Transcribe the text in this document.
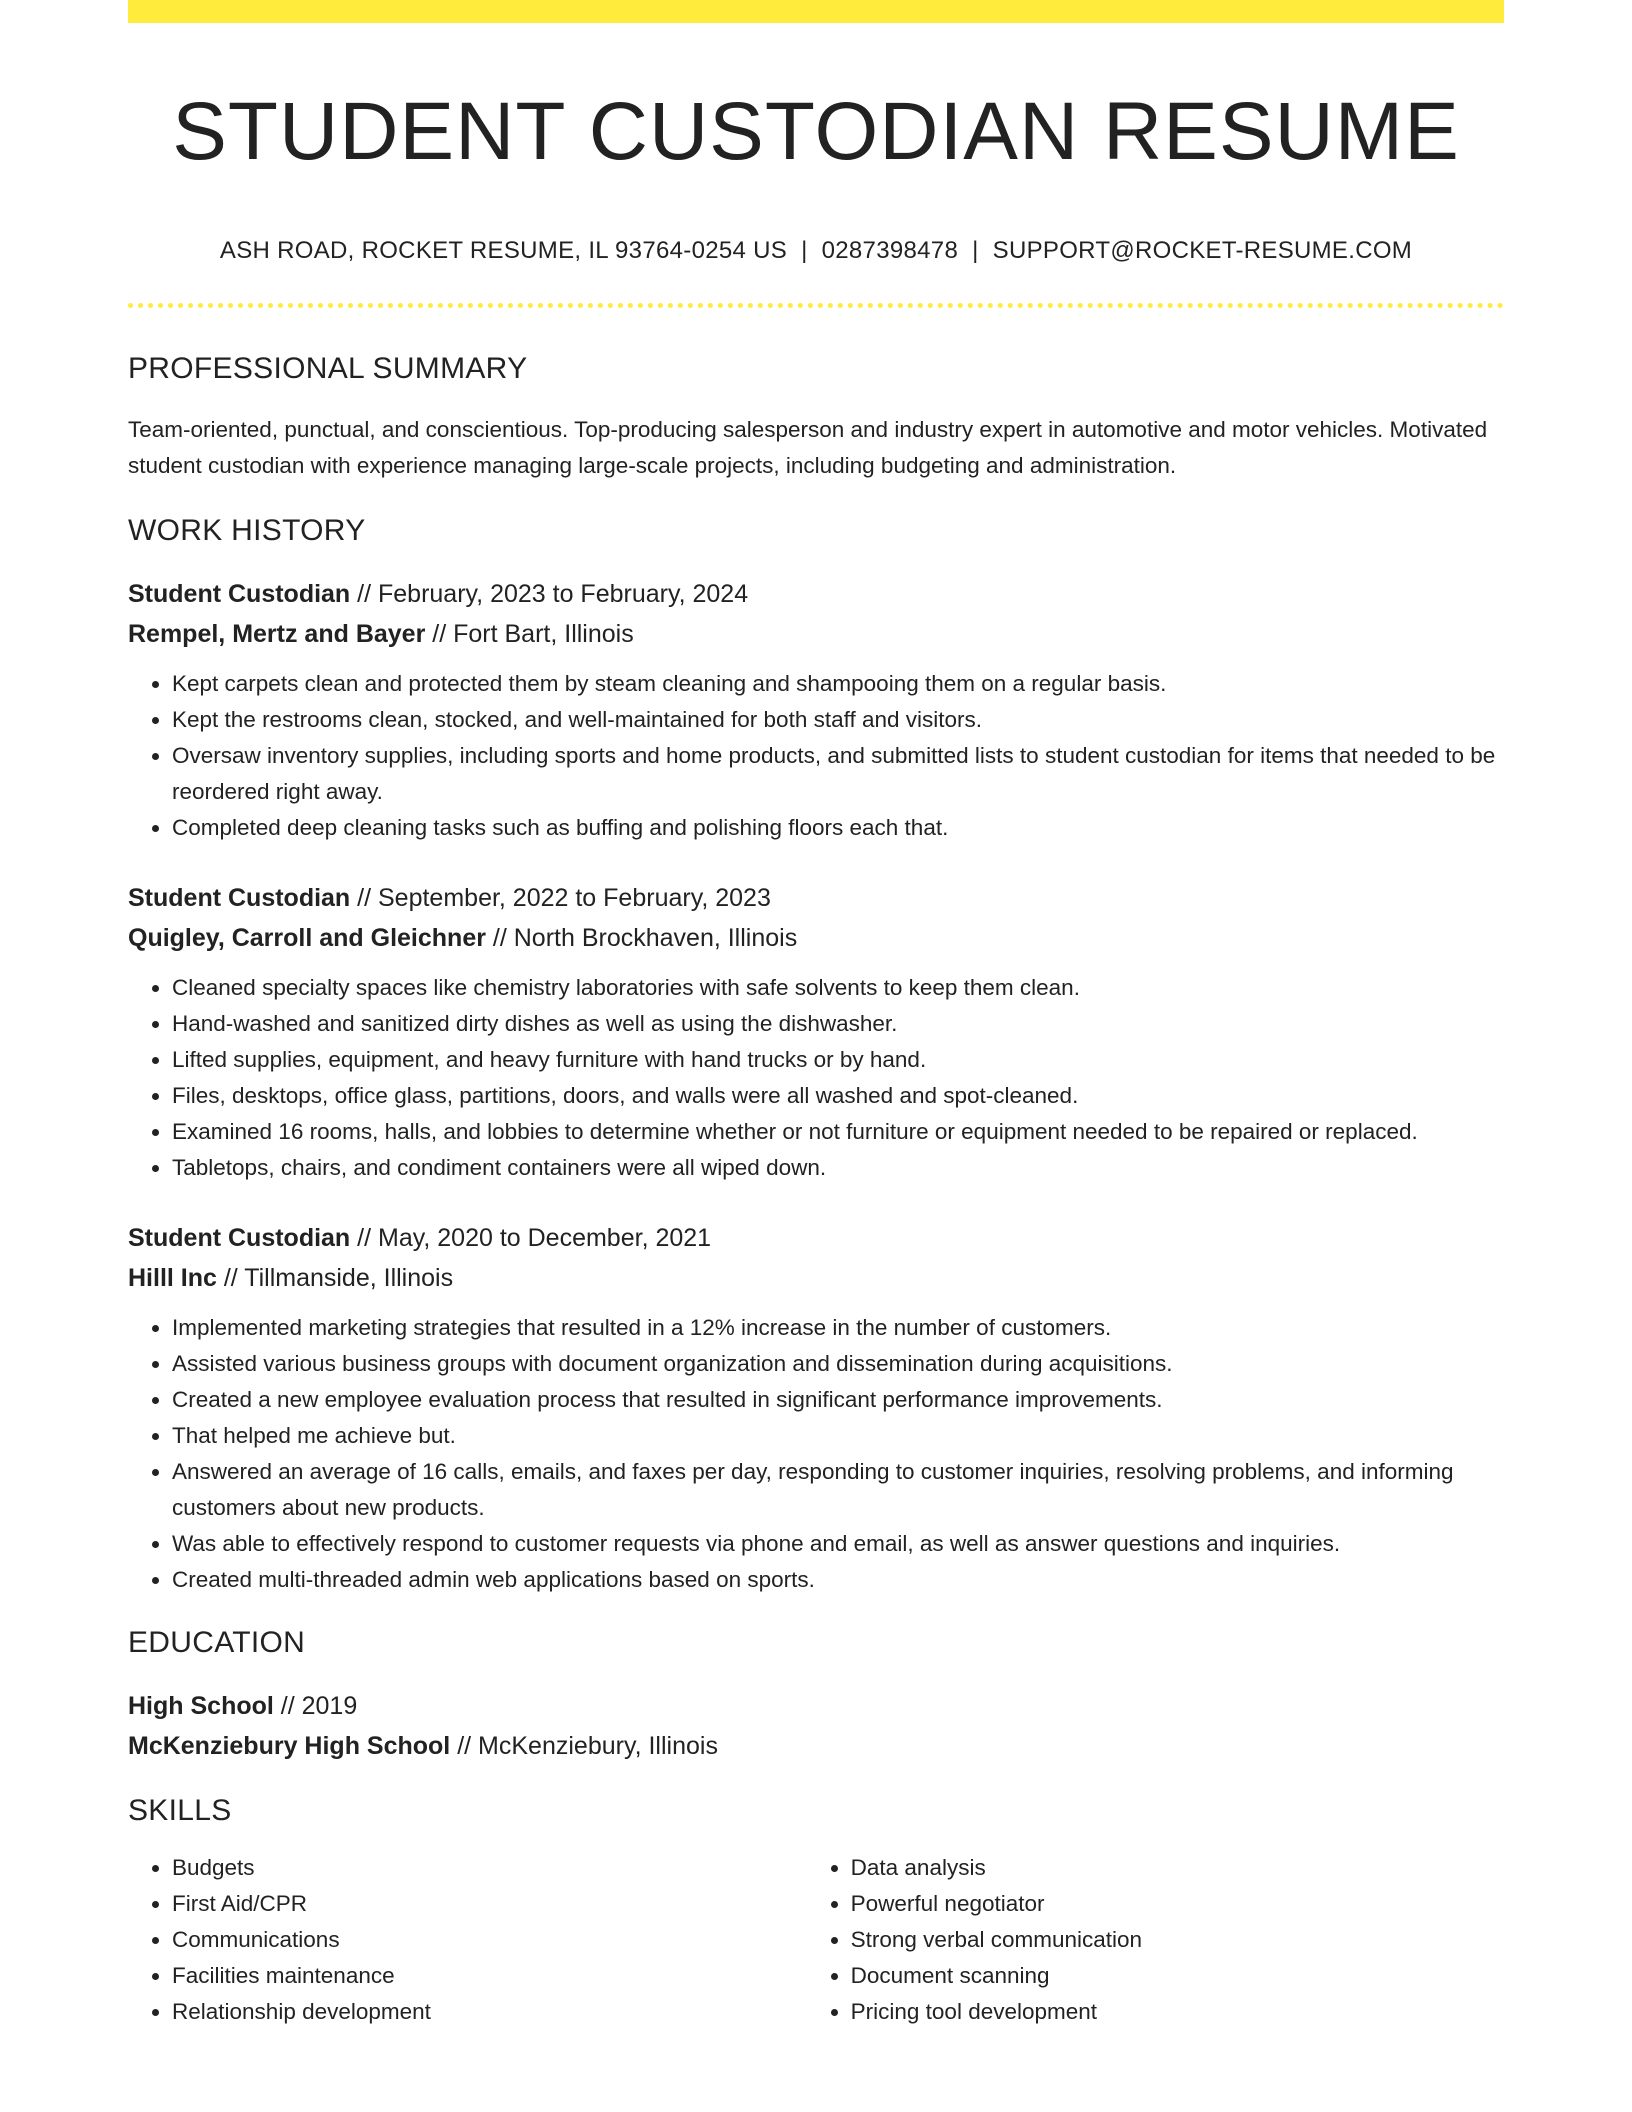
STUDENT CUSTODIAN RESUME
ASH ROAD, ROCKET RESUME, IL 93764-0254 US | 0287398478 | SUPPORT@ROCKET-RESUME.COM
PROFESSIONAL SUMMARY

Team-oriented, punctual, and conscientious. Top-producing salesperson and industry expert in automotive and motor vehicles. Motivated student custodian with experience managing large-scale projects, including budgeting and administration.

WORK HISTORY
Student Custodian // February, 2023 to February, 2024
Rempel, Mertz and Bayer // Fort Bart, Illinois
• Kept carpets clean and protected them by steam cleaning and shampooing them on a regular basis.
• Kept the restrooms clean, stocked, and well-maintained for both staff and visitors.
• Oversaw inventory supplies, including sports and home products, and submitted lists to student custodian for items that needed to be reordered right away.
• Completed deep cleaning tasks such as buffing and polishing floors each that.
Student Custodian // September, 2022 to February, 2023
Quigley, Carroll and Gleichner // North Brockhaven, Illinois
• Cleaned specialty spaces like chemistry laboratories with safe solvents to keep them clean.
• Hand-washed and sanitized dirty dishes as well as using the dishwasher.
• Lifted supplies, equipment, and heavy furniture with hand trucks or by hand.
• Files, desktops, office glass, partitions, doors, and walls were all washed and spot-cleaned.
• Examined 16 rooms, halls, and lobbies to determine whether or not furniture or equipment needed to be repaired or replaced.
• Tabletops, chairs, and condiment containers were all wiped down.
Student Custodian // May, 2020 to December, 2021
Hilll Inc // Tillmanside, Illinois
• Implemented marketing strategies that resulted in a 12% increase in the number of customers.
• Assisted various business groups with document organization and dissemination during acquisitions.
• Created a new employee evaluation process that resulted in significant performance improvements.
• That helped me achieve but.
• Answered an average of 16 calls, emails, and faxes per day, responding to customer inquiries, resolving problems, and informing customers about new products.
• Was able to effectively respond to customer requests via phone and email, as well as answer questions and inquiries.
• Created multi-threaded admin web applications based on sports.
EDUCATION
High School // 2019
McKenziebury High School // McKenziebury, Illinois
SKILLS
• Budgets
• First Aid/CPR
• Communications
• Facilities maintenance
• Relationship development
• Data analysis
• Powerful negotiator
• Strong verbal communication
• Document scanning
• Pricing tool development
